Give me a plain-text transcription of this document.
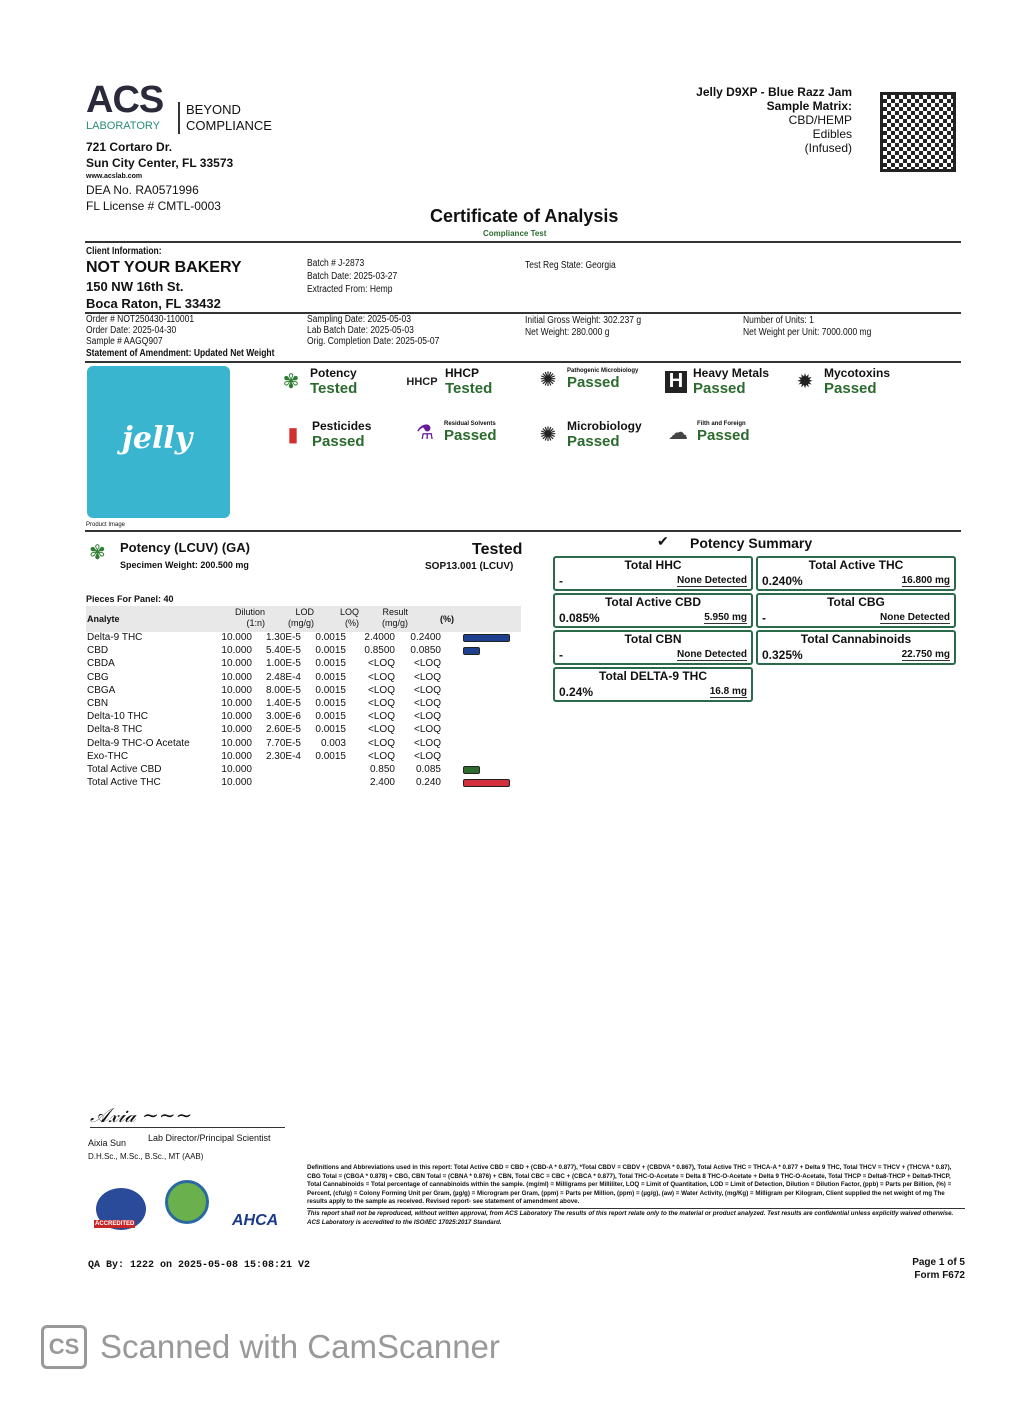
ACS
LABORATORY
BEYOND
COMPLIANCE
721 Cortaro Dr.
Sun City Center, FL 33573
www.acslab.com
DEA No. RA0571996
FL License # CMTL-0003
Jelly D9XP - Blue Razz Jam
Sample Matrix:
CBD/HEMP
Edibles
(Infused)
Certificate of Analysis
Compliance Test
Client Information:
NOT YOUR BAKERY
150 NW 16th St.
Boca Raton, FL 33432
Batch # J-2873
Batch Date: 2025-03-27
Extracted From: Hemp
Test Reg State: Georgia
Order # NOT250430-110001
Order Date: 2025-04-30
Sample # AAGQ907
Statement of Amendment: Updated Net Weight
Sampling Date: 2025-05-03
Lab Batch Date: 2025-05-03
Orig. Completion Date: 2025-05-07
Initial Gross Weight: 302.237 g
Net Weight: 280.000 g
Number of Units: 1
Net Weight per Unit: 7000.000 mg
jelly
Product Image
✾ Potency
Tested	HHCP
HHCP
Tested ✺	Pathogenic Microbiology
Passed	H Heavy Metals
Passed	✹ Mycotoxins
Passed
▮	Pesticides
Passed	⚗	Residual Solvents
Passed ✺ Microbiology
Passed	☁	Filth and Foreign
Passed
✾ Potency (LCUV) (GA)
Specimen Weight: 200.500 mg
Tested
SOP13.001 (LCUV)
Pieces For Panel: 40
Analyte
Dilution
(1:n)
LOD
(mg/g)
LOQ
(%)
Result
(mg/g)	(%)
Delta-9 THC	10.000 1.30E-5 0.0015 2.4000 0.2400
CBD	10.000 5.40E-5 0.0015 0.8500 0.0850
CBDA	10.000 1.00E-5 0.0015 <LOQ <LOQ
CBG	10.000 2.48E-4 0.0015 <LOQ <LOQ
CBGA	10.000 8.00E-5 0.0015 <LOQ <LOQ
CBN	10.000 1.40E-5 0.0015 <LOQ <LOQ
Delta-10 THC	10.000 3.00E-6 0.0015 <LOQ <LOQ
Delta-8 THC	10.000 2.60E-5 0.0015 <LOQ <LOQ
Delta-9 THC-O Acetate	10.000 7.70E-5 0.003 <LOQ <LOQ
Exo-THC	10.000 2.30E-4 0.0015 <LOQ <LOQ
Total Active CBD	10.000	0.850 0.085
Total Active THC	10.000	2.400 0.240
✔ Potency Summary
Total HHC
-	None Detected
Total Active THC
0.240%	16.800 mg
Total Active CBD
0.085%	5.950 mg
Total CBG
-	None Detected
Total CBN
-	None Detected
Total Cannabinoids
0.325%	22.750 mg
Total DELTA-9 THC
0.24%	16.8 mg
𝒜𝓍𝒾𝒶 ∼∼∼
Aixia Sun Lab Director/Principal Scientist
D.H.Sc., M.Sc., B.Sc., MT (AAB)
ACCREDITED	AHCA
Definitions and Abbreviations used in this report: Total Active CBD = CBD + (CBD-A * 0.877), *Total CBDV = CBDV + (CBDVA * 0.867), Total Active THC = THCA-A * 0.877 + Delta 9 THC, Total THCV = THCV + (THCVA * 0.87), CBG Total = (CBGA * 0.878) + CBG, CBN Total = (CBNA * 0.876) + CBN, Total CBC = CBC + (CBCA * 0.877), Total THC-O-Acetate = Delta 8 THC-O-Acetate + Delta 9 THC-O-Acetate, Total THCP = Delta8-THCP + Delta9-THCP, Total Cannabinoids = Total percentage of cannabinoids within the sample. (mg/ml) = Milligrams per Milliliter, LOQ = Limit of Quantitation, LOD = Limit of Detection, Dilution = Dilution Factor, (ppb) = Parts per Billion, (%) = Percent, (cfu/g) = Colony Forming Unit per Gram, (µg/g) = Microgram per Gram, (ppm) = Parts per Million, (ppm) = (µg/g), (aw) = Water Activity, (mg/Kg) = Milligram per Kilogram, Client supplied the net weight of mg The results apply to the sample as received. Revised report- see statement of amendment above.
This report shall not be reproduced, without written approval, from ACS Laboratory The results of this report relate only to the material or product analyzed. Test results are confidential unless explicitly waived otherwise. ACS Laboratory is accredited to the ISO/IEC 17025:2017 Standard.
QA By: 1222 on 2025-05-08 15:08:21 V2	Page 1 of 5
Form F672
CS Scanned with CamScanner
